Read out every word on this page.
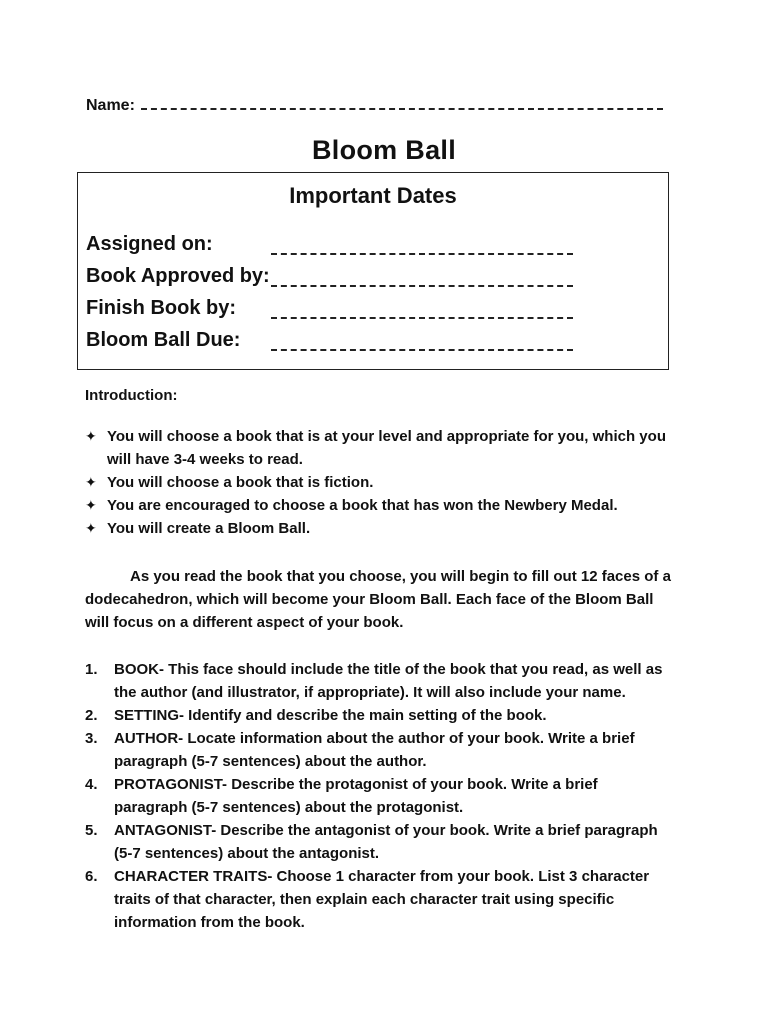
Name:
Bloom Ball
Important Dates
Assigned on:
Book Approved by:
Finish Book by:
Bloom Ball Due:
Introduction:
✦ You will choose a book that is at your level and appropriate for you, which you will have 3-4 weeks to read.
✦ You will choose a book that is fiction.
✦ You are encouraged to choose a book that has won the Newbery Medal.
✦ You will create a Bloom Ball.

As you read the book that you choose, you will begin to fill out 12 faces of a dodecahedron, which will become your Bloom Ball. Each face of the Bloom Ball will focus on a different aspect of your book.

1. BOOK- This face should include the title of the book that you read, as well as the author (and illustrator, if appropriate). It will also include your name.
2. SETTING- Identify and describe the main setting of the book.
3. AUTHOR- Locate information about the author of your book. Write a brief paragraph (5-7 sentences) about the author.
4. PROTAGONIST- Describe the protagonist of your book. Write a brief paragraph (5-7 sentences) about the protagonist.
5. ANTAGONIST- Describe the antagonist of your book. Write a brief paragraph (5-7 sentences) about the antagonist.
6. CHARACTER TRAITS- Choose 1 character from your book. List 3 character traits of that character, then explain each character trait using specific information from the book.
